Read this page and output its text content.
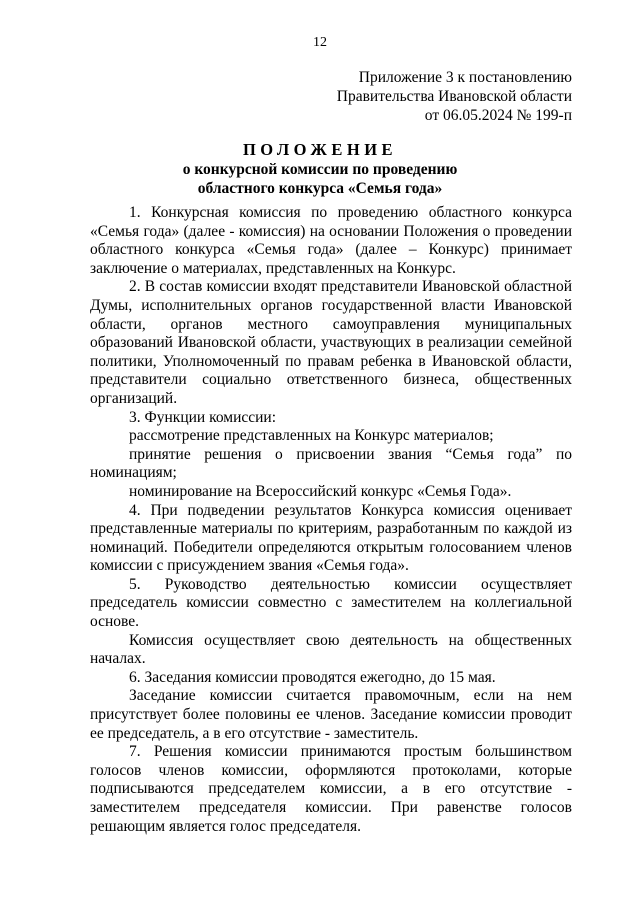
12
Приложение 3 к постановлению
Правительства Ивановской области
от 06.05.2024 № 199-п
ПОЛОЖЕНИЕ
о конкурсной комиссии по проведению
областного конкурса «Семья года»

1. Конкурсная комиссия по проведению областного конкурса «Семья года» (далее - комиссия) на основании Положения о проведении областного конкурса «Семья года» (далее – Конкурс) принимает заключение о материалах, представленных на Конкурс.

2. В состав комиссии входят представители Ивановской областной Думы, исполнительных органов государственной власти Ивановской области, органов местного самоуправления муниципальных образований Ивановской области, участвующих в реализации семейной политики, Уполномоченный по правам ребенка в Ивановской области, представители социально ответственного бизнеса, общественных организаций.

3. Функции комиссии:

рассмотрение представленных на Конкурс материалов;

принятие решения о присвоении звания “Семья года” по номинациям;

номинирование на Всероссийский конкурс «Семья Года».

4. При подведении результатов Конкурса комиссия оценивает представленные материалы по критериям, разработанным по каждой из номинаций. Победители определяются открытым голосованием членов комиссии с присуждением звания «Семья года».

5. Руководство деятельностью комиссии осуществляет председатель комиссии совместно с заместителем на коллегиальной основе.

Комиссия осуществляет свою деятельность на общественных началах.

6. Заседания комиссии проводятся ежегодно, до 15 мая.

Заседание комиссии считается правомочным, если на нем присутствует более половины ее членов. Заседание комиссии проводит ее председатель, а в его отсутствие - заместитель.

7. Решения комиссии принимаются простым большинством голосов членов комиссии, оформляются протоколами, которые подписываются председателем комиссии, а в его отсутствие - заместителем председателя комиссии. При равенстве голосов решающим является голос председателя.
